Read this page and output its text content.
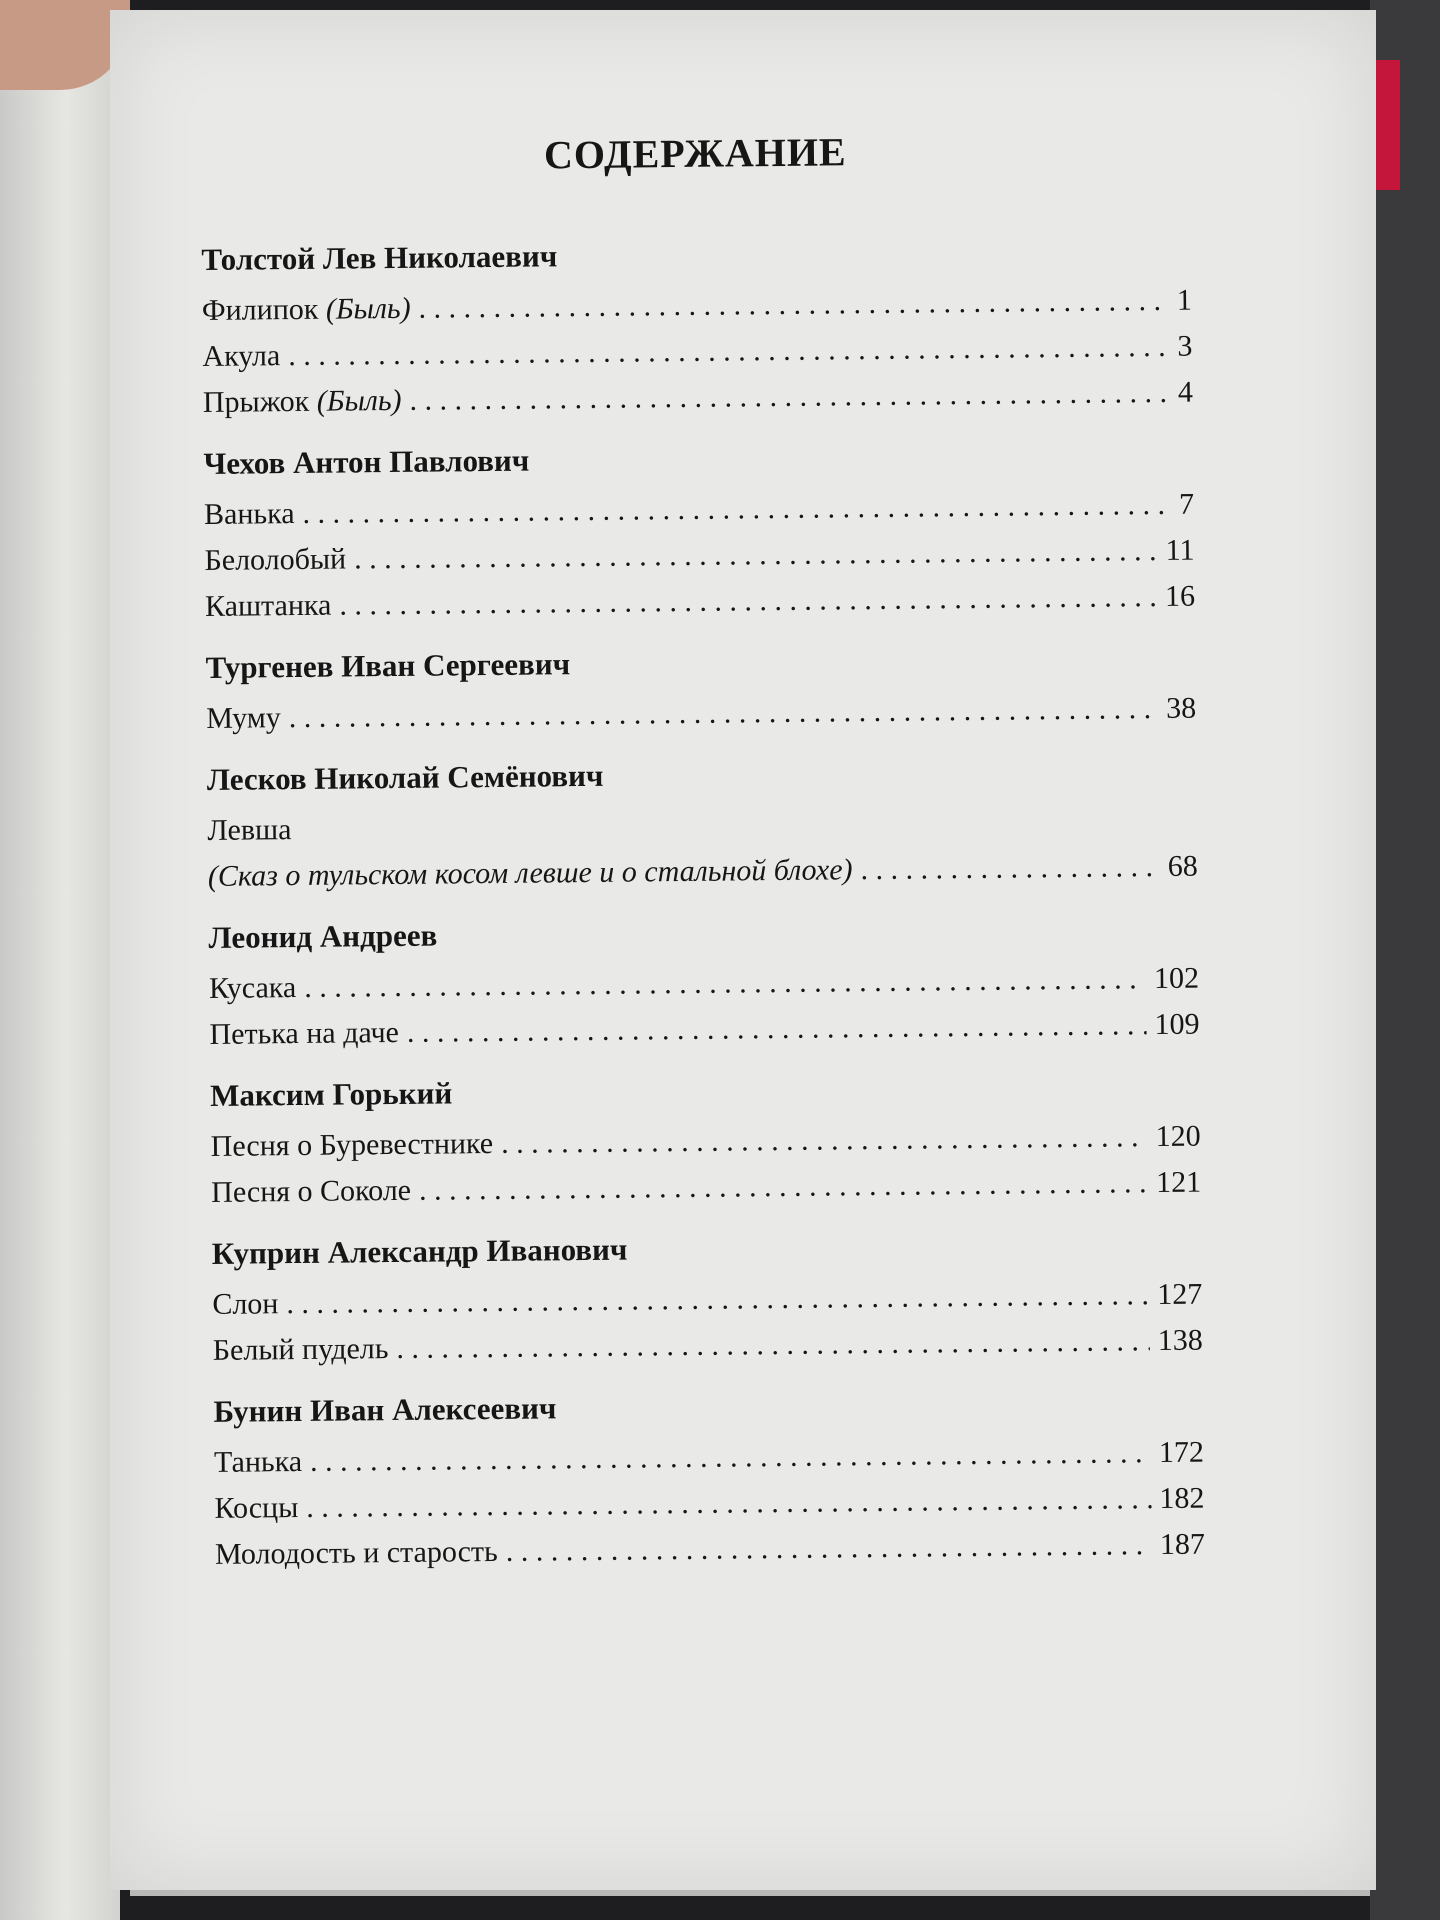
СОДЕРЖАНИЕ
Толстой Лев Николаевич
Филипок (Быль) . . .	1
Акула . . .	3
Прыжок (Быль) . . .	4
Чехов Антон Павлович
Ванька . . .	7
Белолобый . . .	11
Каштанка . . .	16
Тургенев Иван Сергеевич
Муму . . .	38
Лесков Николай Семёнович
Левша
(Сказ о тульском косом левше и о стальной блохе) . . .	68
Леонид Андреев
Кусака . . .	102
Петька на даче . . .	109
Максим Горький
Песня о Буревестнике . . .	120
Песня о Соколе . . .	121
Куприн Александр Иванович
Слон . . .	127
Белый пудель . . .	138
Бунин Иван Алексеевич
Танька . . .	172
Косцы . . .	182
Молодость и старость . . .	187
